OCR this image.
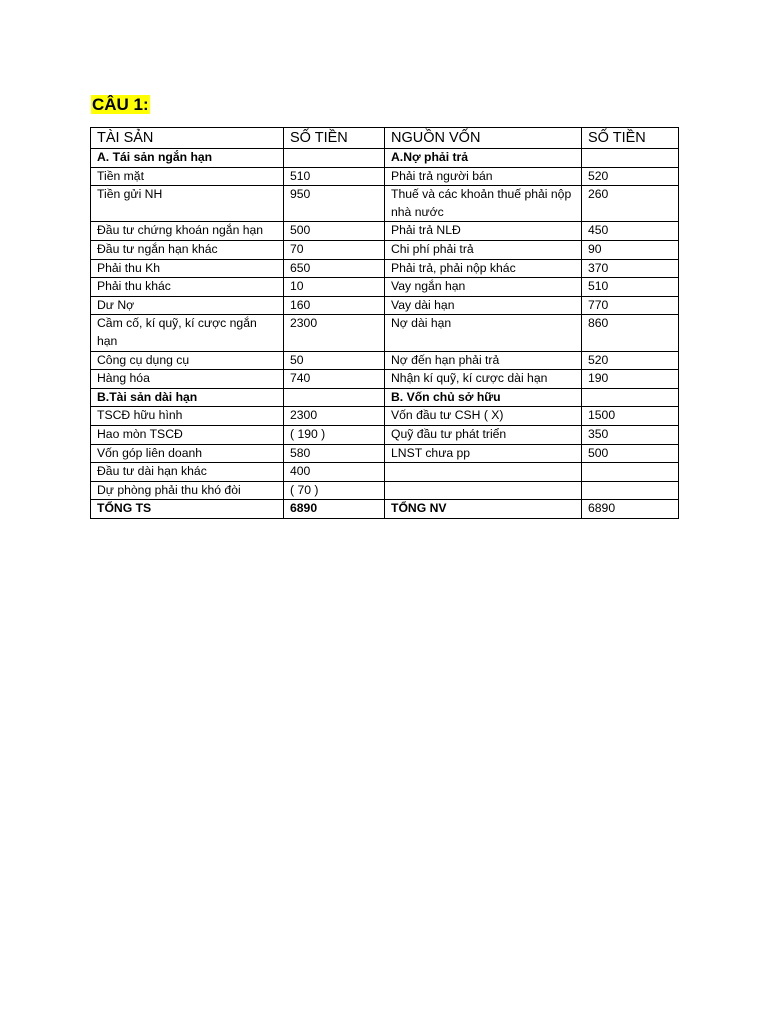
CÂU 1:
TÀI SẢN	SỐ TIỀN	NGUỒN VỐN	SỐ TIỀN
A. Tái sản ngắn hạn		A.Nợ phải trả	
Tiền mặt	510	Phải trả người bán	520
Tiền gửi NH	950	Thuế và các khoản thuế phải nộp nhà nước	260
Đầu tư chứng khoán ngắn hạn	500	Phải trả NLĐ	450
Đầu tư ngắn hạn khác	70	Chi phí phải trả	90
Phải thu Kh	650	Phải trả, phải nộp khác	370
Phải thu khác	10	Vay ngắn hạn	510
Dư Nợ	160	Vay dài hạn	770
Cầm cố, kí quỹ, kí cược ngắn hạn	2300	Nợ dài hạn	860
Công cụ dụng cụ	50	Nợ đến hạn phải trả	520
Hàng hóa	740	Nhận kí quỹ, kí cược dài hạn	190
B.Tài sản dài hạn		B. Vốn chủ sở hữu	
TSCĐ hữu hình	2300	Vốn đầu tư CSH ( X)	1500
Hao mòn TSCĐ	( 190 )	Quỹ đầu tư phát triển	350
Vốn góp liên doanh	580	LNST chưa pp	500
Đầu tư dài hạn khác	400		
Dự phòng phải thu khó đòi	( 70 )		
TỔNG TS	6890	TỔNG NV	6890
